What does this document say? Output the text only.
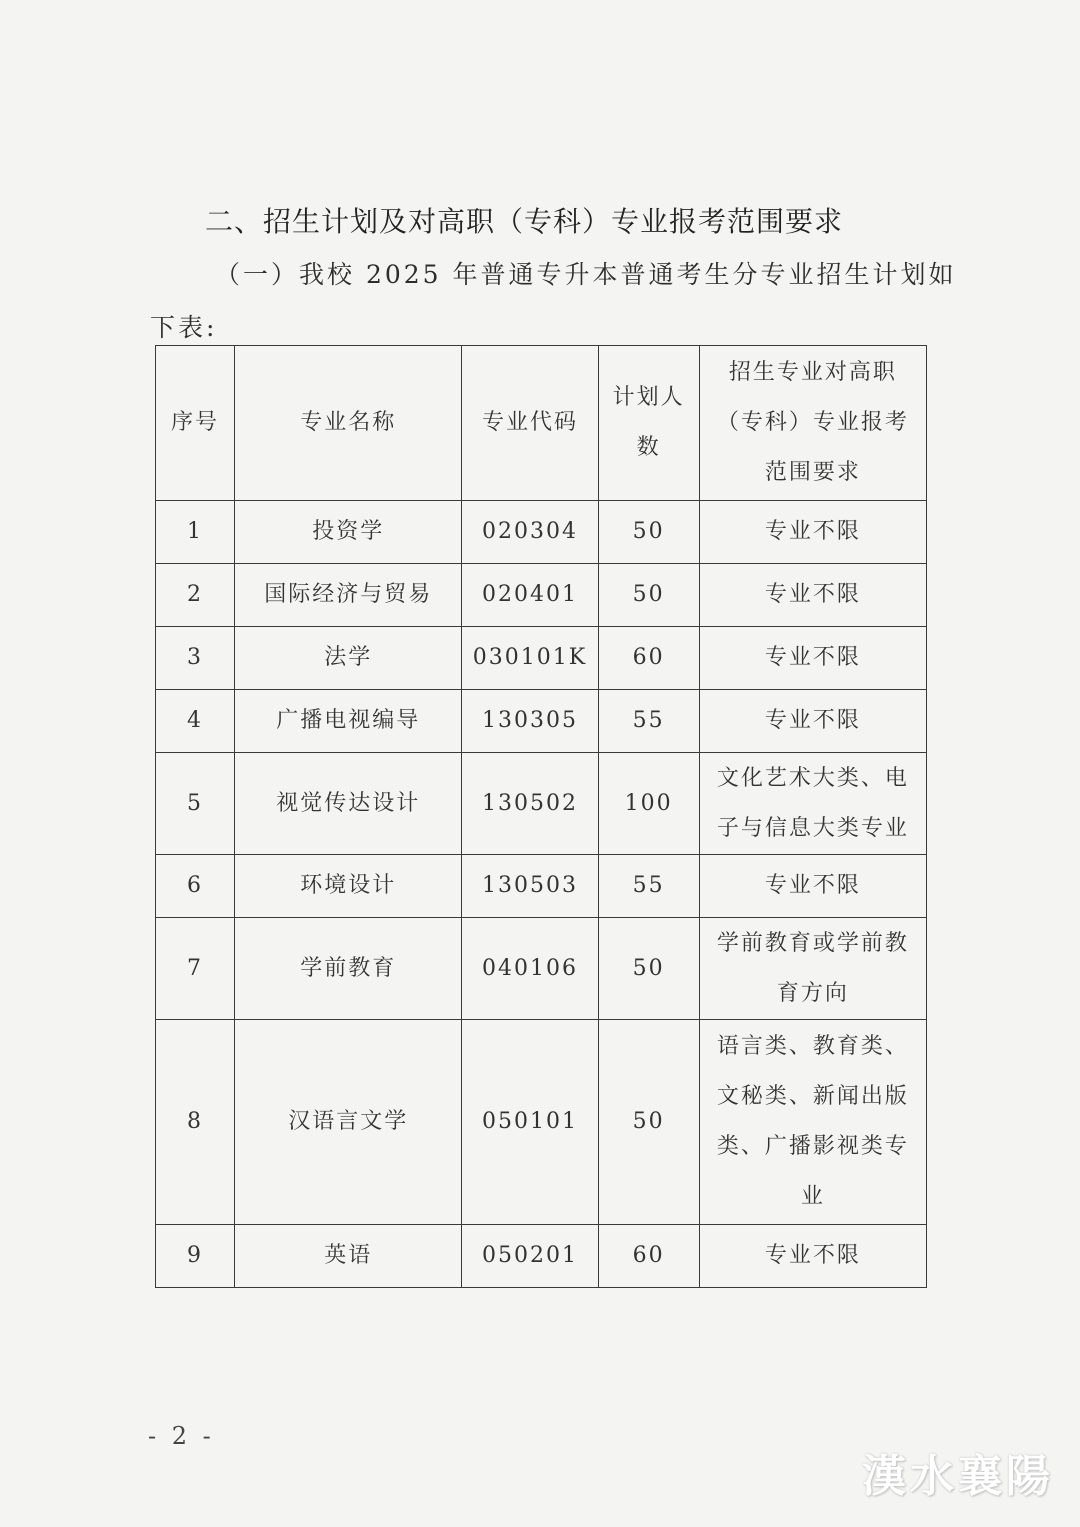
二、招生计划及对高职（专科）专业报考范围要求
（一）我校 2025 年普通专升本普通考生分专业招生计划如
下表:
序号	专业名称	专业代码	计划人数	招生专业对高职（专科）专业报考范围要求
1	投资学	020304	50	专业不限
2	国际经济与贸易	020401	50	专业不限
3	法学	030101K	60	专业不限
4	广播电视编导	130305	55	专业不限
5	视觉传达设计	130502	100	文化艺术大类、电子与信息大类专业
6	环境设计	130503	55	专业不限
7	学前教育	040106	50	学前教育或学前教育方向
8	汉语言文学	050101	50	语言类、教育类、文秘类、新闻出版类、广播影视类专业
9	英语	050201	60	专业不限
- 2 -
漢水襄陽
